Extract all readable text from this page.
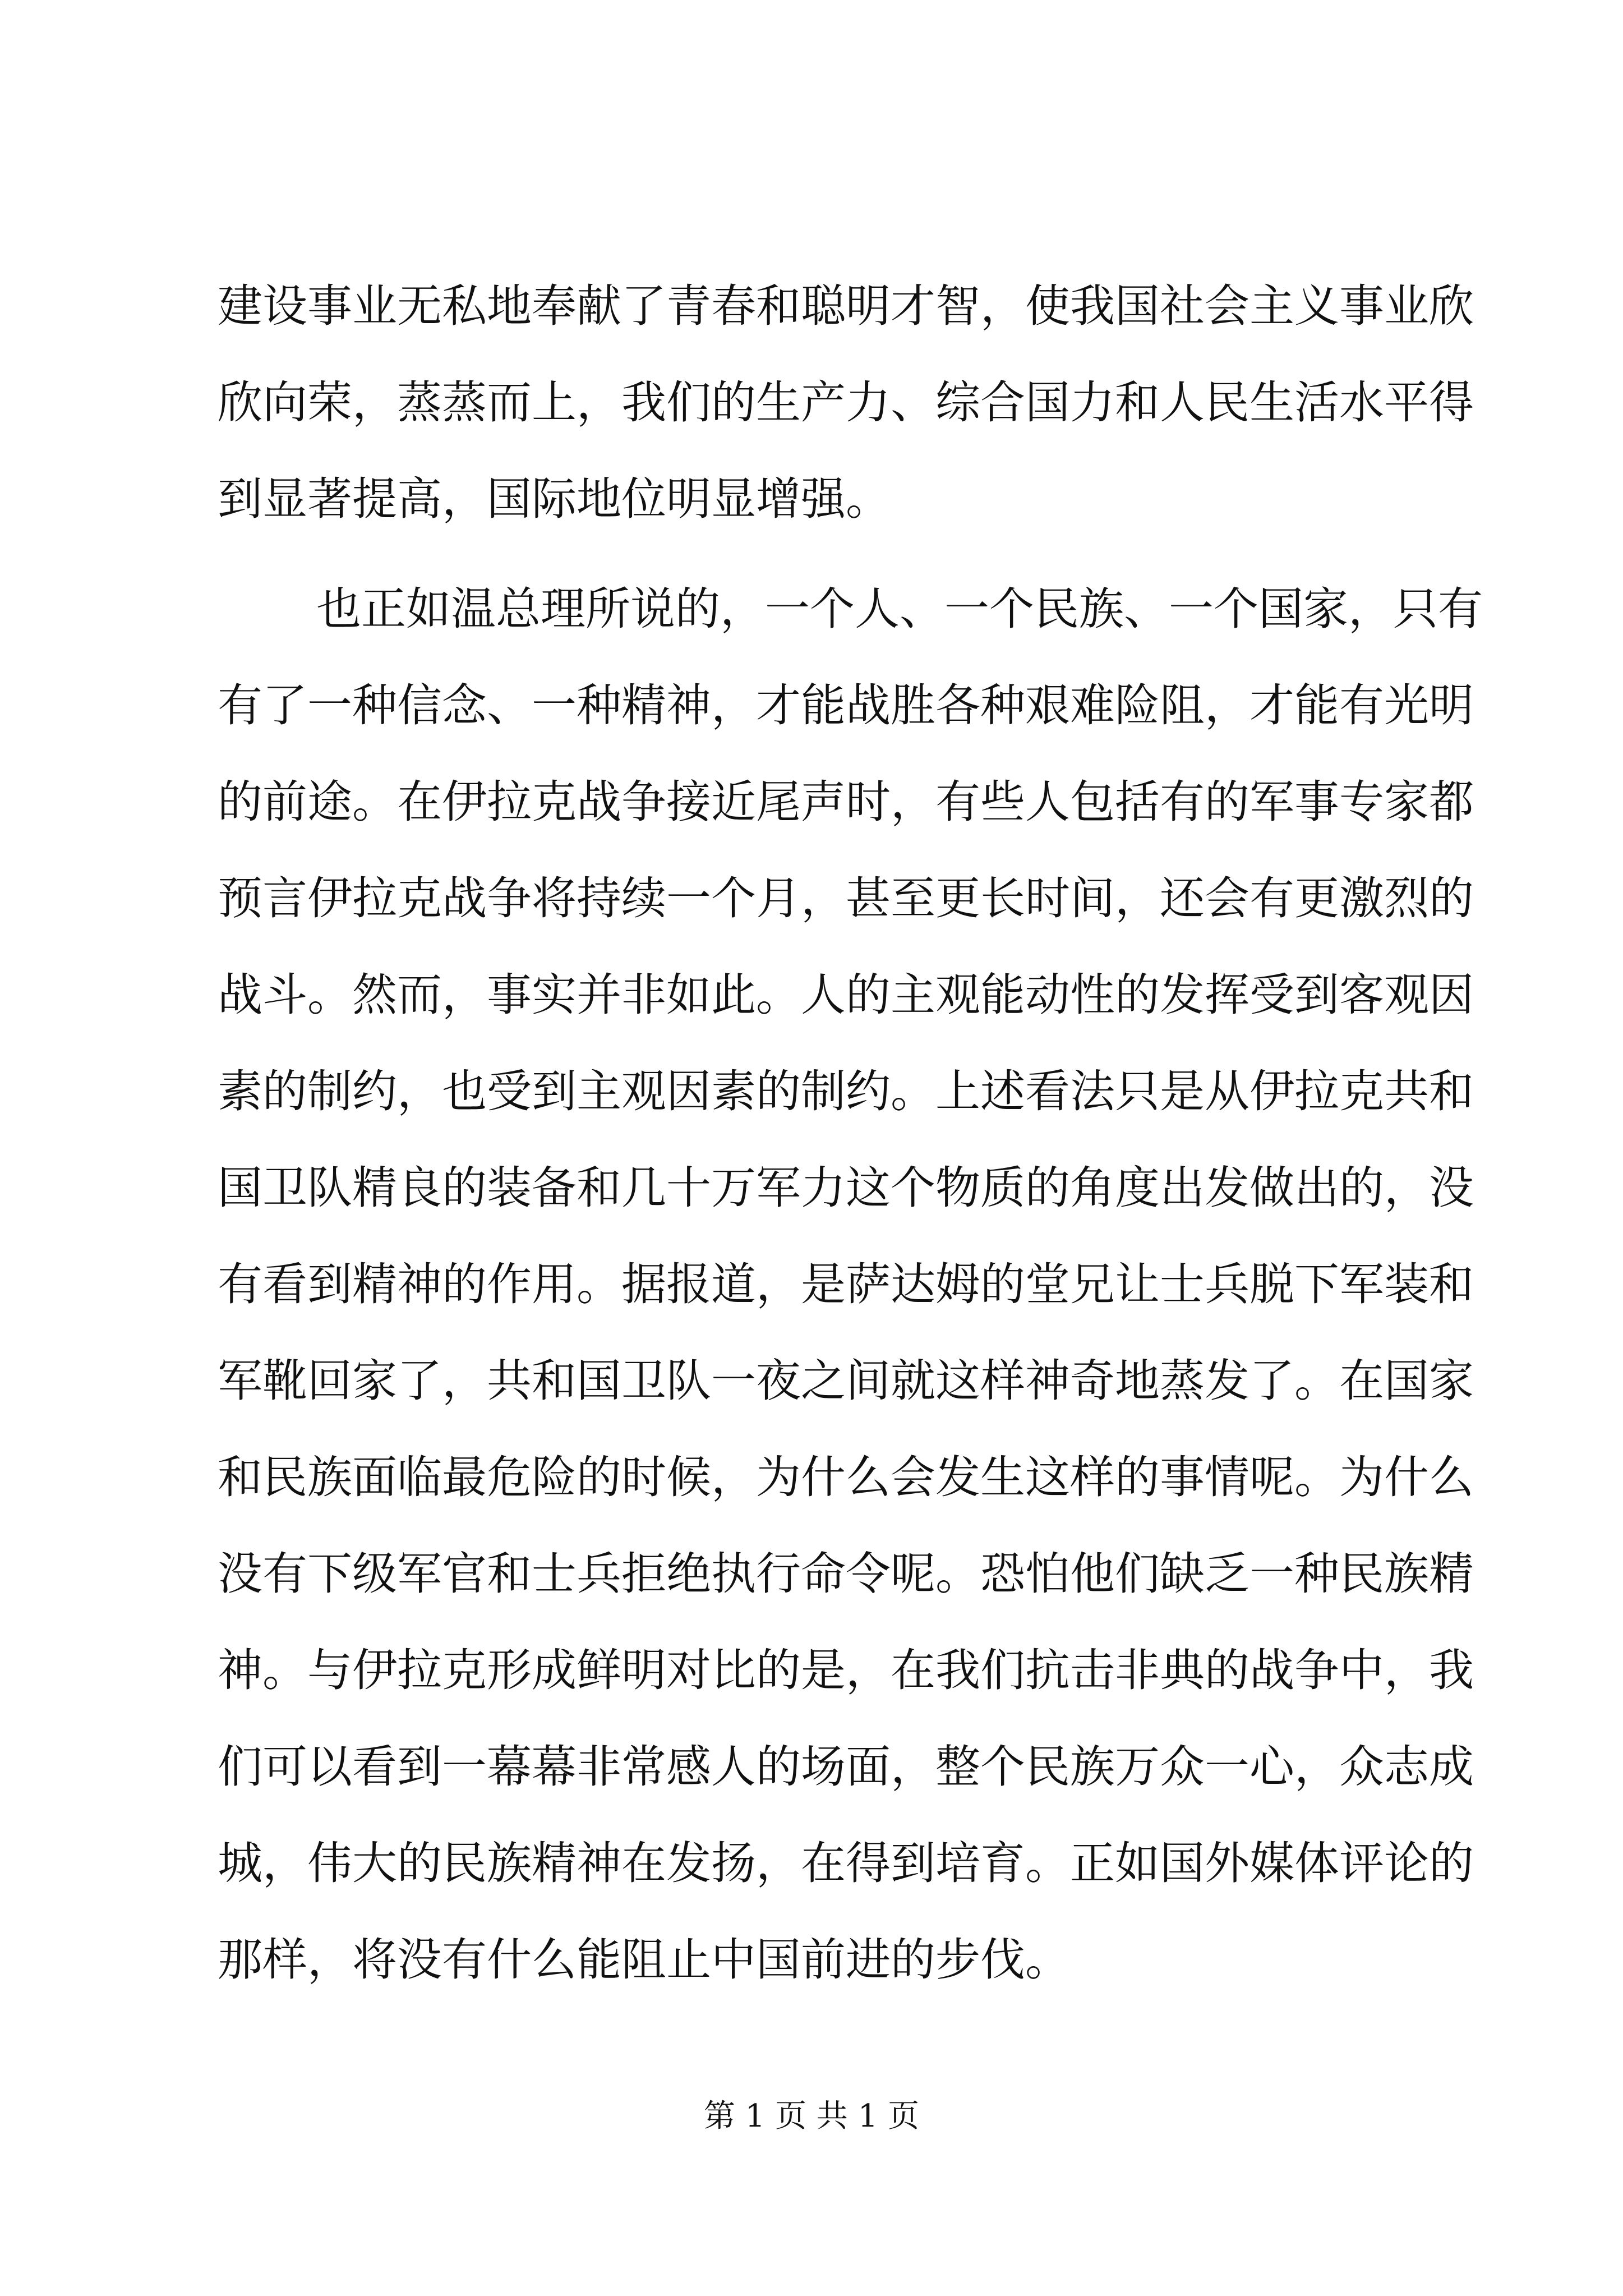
建设事业无私地奉献了青春和聪明才智，使我国社会主义事业欣
欣向荣，蒸蒸而上，我们的生产力、综合国力和人民生活水平得
到显著提高，国际地位明显增强。
也正如温总理所说的，一个人、一个民族、一个国家，只有
有了一种信念、一种精神，才能战胜各种艰难险阻，才能有光明
的前途。在伊拉克战争接近尾声时，有些人包括有的军事专家都
预言伊拉克战争将持续一个月，甚至更长时间，还会有更激烈的
战斗。然而，事实并非如此。人的主观能动性的发挥受到客观因
素的制约，也受到主观因素的制约。上述看法只是从伊拉克共和
国卫队精良的装备和几十万军力这个物质的角度出发做出的，没
有看到精神的作用。据报道，是萨达姆的堂兄让士兵脱下军装和
军靴回家了，共和国卫队一夜之间就这样神奇地蒸发了。在国家
和民族面临最危险的时候，为什么会发生这样的事情呢。为什么
没有下级军官和士兵拒绝执行命令呢。恐怕他们缺乏一种民族精
神。与伊拉克形成鲜明对比的是，在我们抗击非典的战争中，我
们可以看到一幕幕非常感人的场面，整个民族万众一心，众志成
城，伟大的民族精神在发扬，在得到培育。正如国外媒体评论的
那样，将没有什么能阻止中国前进的步伐。
第 1 页 共 1 页
